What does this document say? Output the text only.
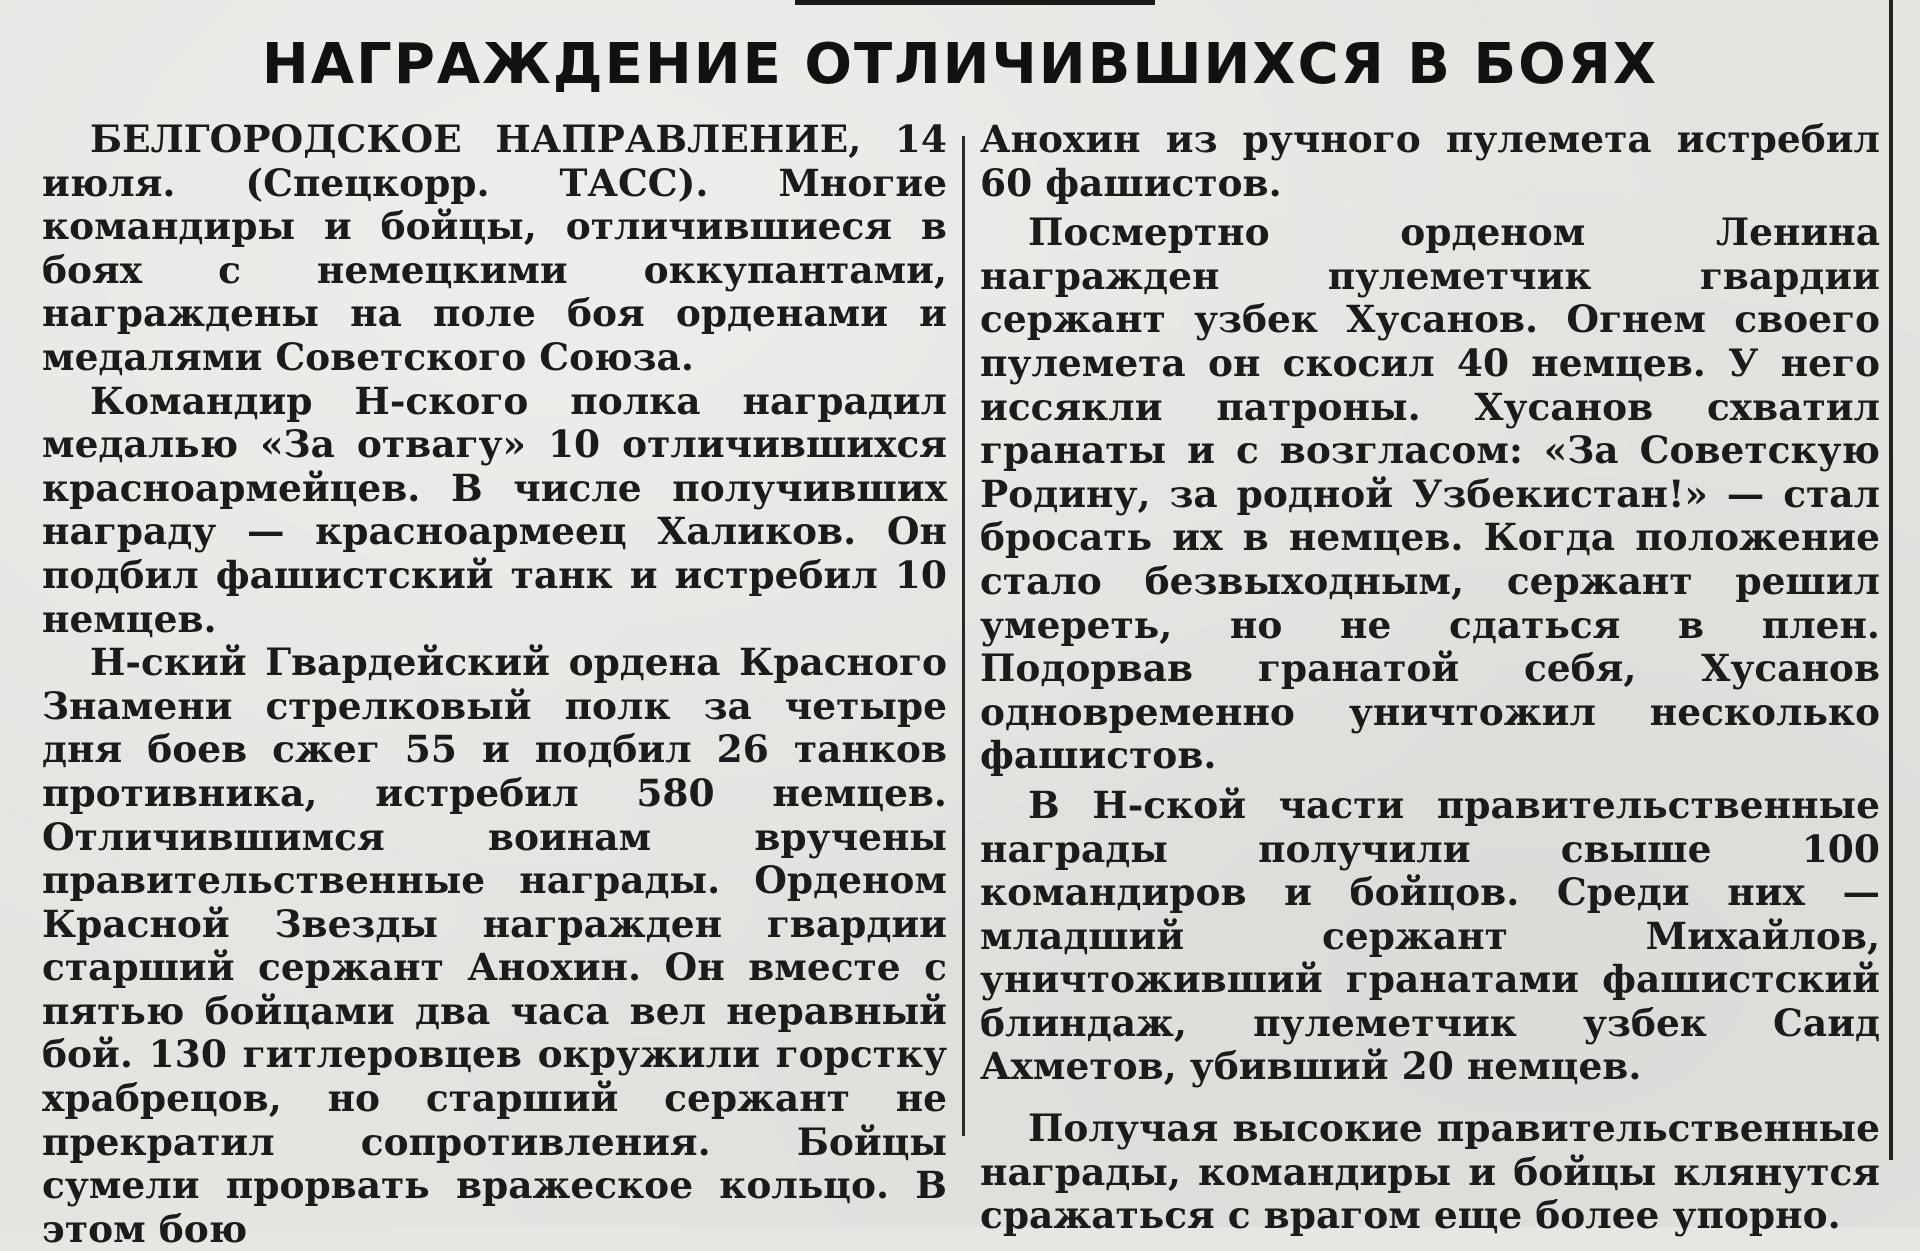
НАГРАЖДЕНИЕ ОТЛИЧИВШИХСЯ В БОЯХ

БЕЛГОРОДСКОЕ НАПРАВЛЕНИЕ, 14 июля. (Спецкорр. ТАСС). Многие командиры и бойцы, отличившиеся в боях с немецкими оккупантами, награждены на поле боя орденами и медалями Советского Союза.

Командир Н-ского полка наградил медалью «За отвагу» 10 отличившихся красноармейцев. В числе получивших награду — красноармеец Халиков. Он подбил фашистский танк и истребил 10 немцев.

Н-ский Гвардейский ордена Красного Знамени стрелковый полк за четыре дня боев сжег 55 и подбил 26 танков противника, истребил 580 немцев. Отличившимся воинам вручены правительственные награды. Орденом Красной Звезды награжден гвардии старший сержант Анохин. Он вместе с пятью бойцами два часа вел неравный бой. 130 гитлеровцев окружили горстку храбрецов, но старший сержант не прекратил сопротивления. Бойцы сумели прорвать вражеское кольцо. В этом бою

Анохин из ручного пулемета истребил 60 фашистов.

Посмертно орденом Ленина награжден пулеметчик гвардии сержант узбек Хусанов. Огнем своего пулемета он скосил 40 немцев. У него иссякли патроны. Хусанов схватил гранаты и с возгласом: «За Советскую Родину, за родной Узбекистан!» — стал бросать их в немцев. Когда положение стало безвыходным, сержант решил умереть, но не сдаться в плен. Подорвав гранатой себя, Хусанов одновременно уничтожил несколько фашистов.

В Н-ской части правительственные награды получили свыше 100 командиров и бойцов. Среди них — младший сержант Михайлов, уничтоживший гранатами фашистский блиндаж, пулеметчик узбек Саид Ахметов, убивший 20 немцев.

Получая высокие правительственные награды, командиры и бойцы клянутся сражаться с врагом еще более упорно.
